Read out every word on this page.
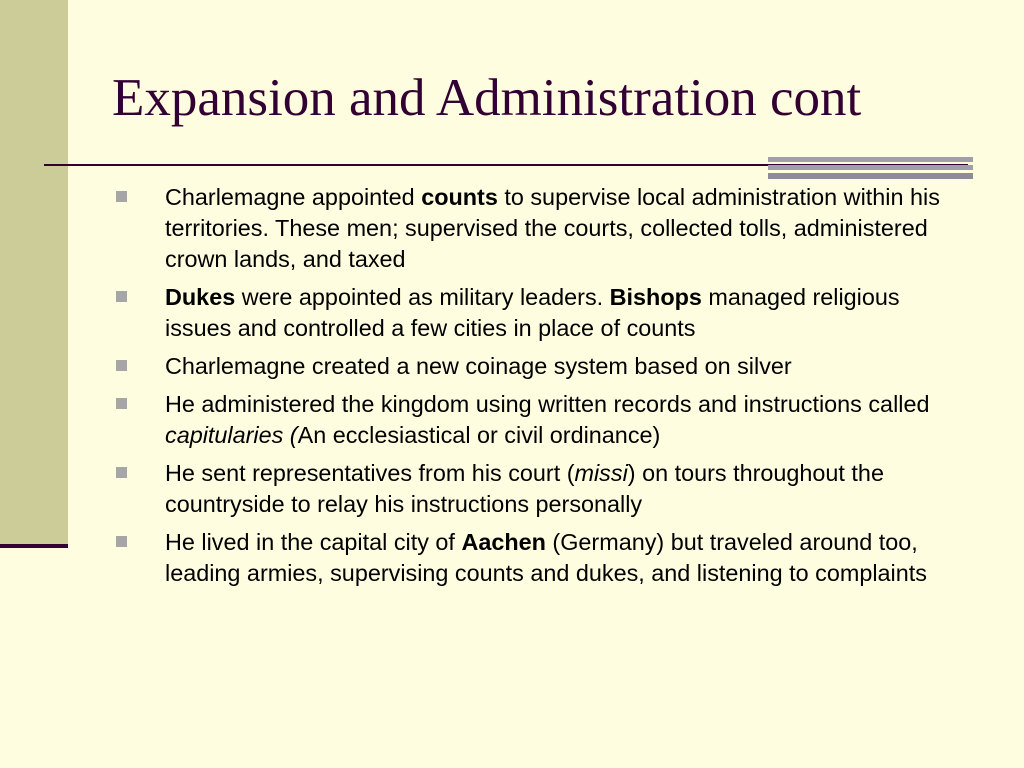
Expansion and Administration cont
Charlemagne appointed counts to supervise local administration within his territories. These men; supervised the courts, collected tolls, administered crown lands, and taxed
Dukes were appointed as military leaders. Bishops managed religious issues and controlled a few cities in place of counts
Charlemagne created a new coinage system based on silver
He administered the kingdom using written records and instructions called capitularies (An ecclesiastical or civil ordinance)
He sent representatives from his court (missi) on tours throughout the countryside to relay his instructions personally
He lived in the capital city of Aachen (Germany) but traveled around too, leading armies, supervising counts and dukes, and listening to complaints
